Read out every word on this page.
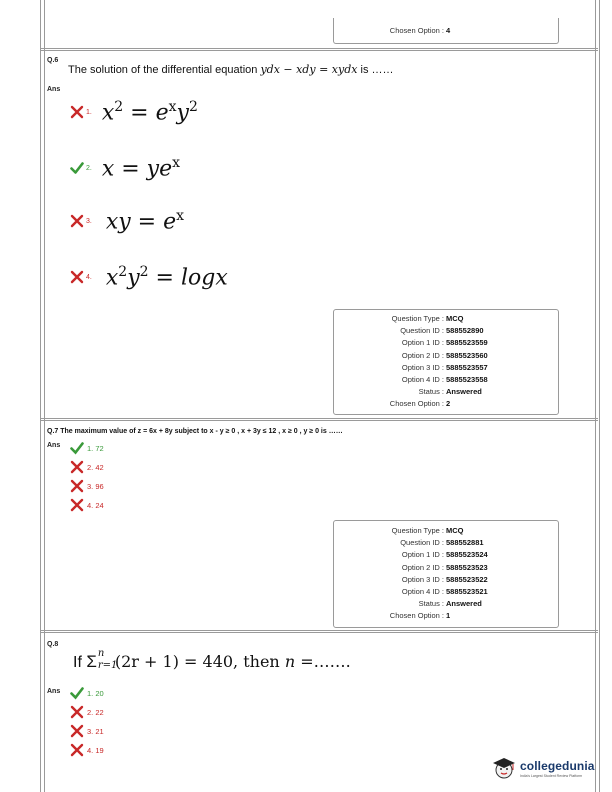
Chosen Option : 4
Q.6
The solution of the differential equation ydx − xdy = xydx is ……
Ans
1. $x^2 = e^xy^2$
2. $x = ye^x$
3. xy = $e^x$
4. $x^2y^2 = \log x$
Question Type : MCQ
Question ID : 588552890
Option 1 ID : 5885523559
Option 2 ID : 5885523560
Option 3 ID : 5885523557
Option 4 ID : 5885523558
Status : Answered
Chosen Option : 2
Q.7 The maximum value of z = 6x + 8y subject to x - y ≥ 0 , x + 3y ≤ 12 , x ≥ 0 , y ≥ 0 is ……
Ans	1. 72
2. 42
3. 96
4. 24
Question Type : MCQ
Question ID : 588552881
Option 1 ID : 5885523524
Option 2 ID : 5885523523
Option 3 ID : 5885523522
Option 4 ID : 5885523521
Status : Answered
Chosen Option : 1
Q.8
If Σ n
r=1
(2r + 1) = 440, then n =…….
Ans	1. 20
2. 22
3. 21
4. 19
collegedunia
India's Largest Student Review Platform
